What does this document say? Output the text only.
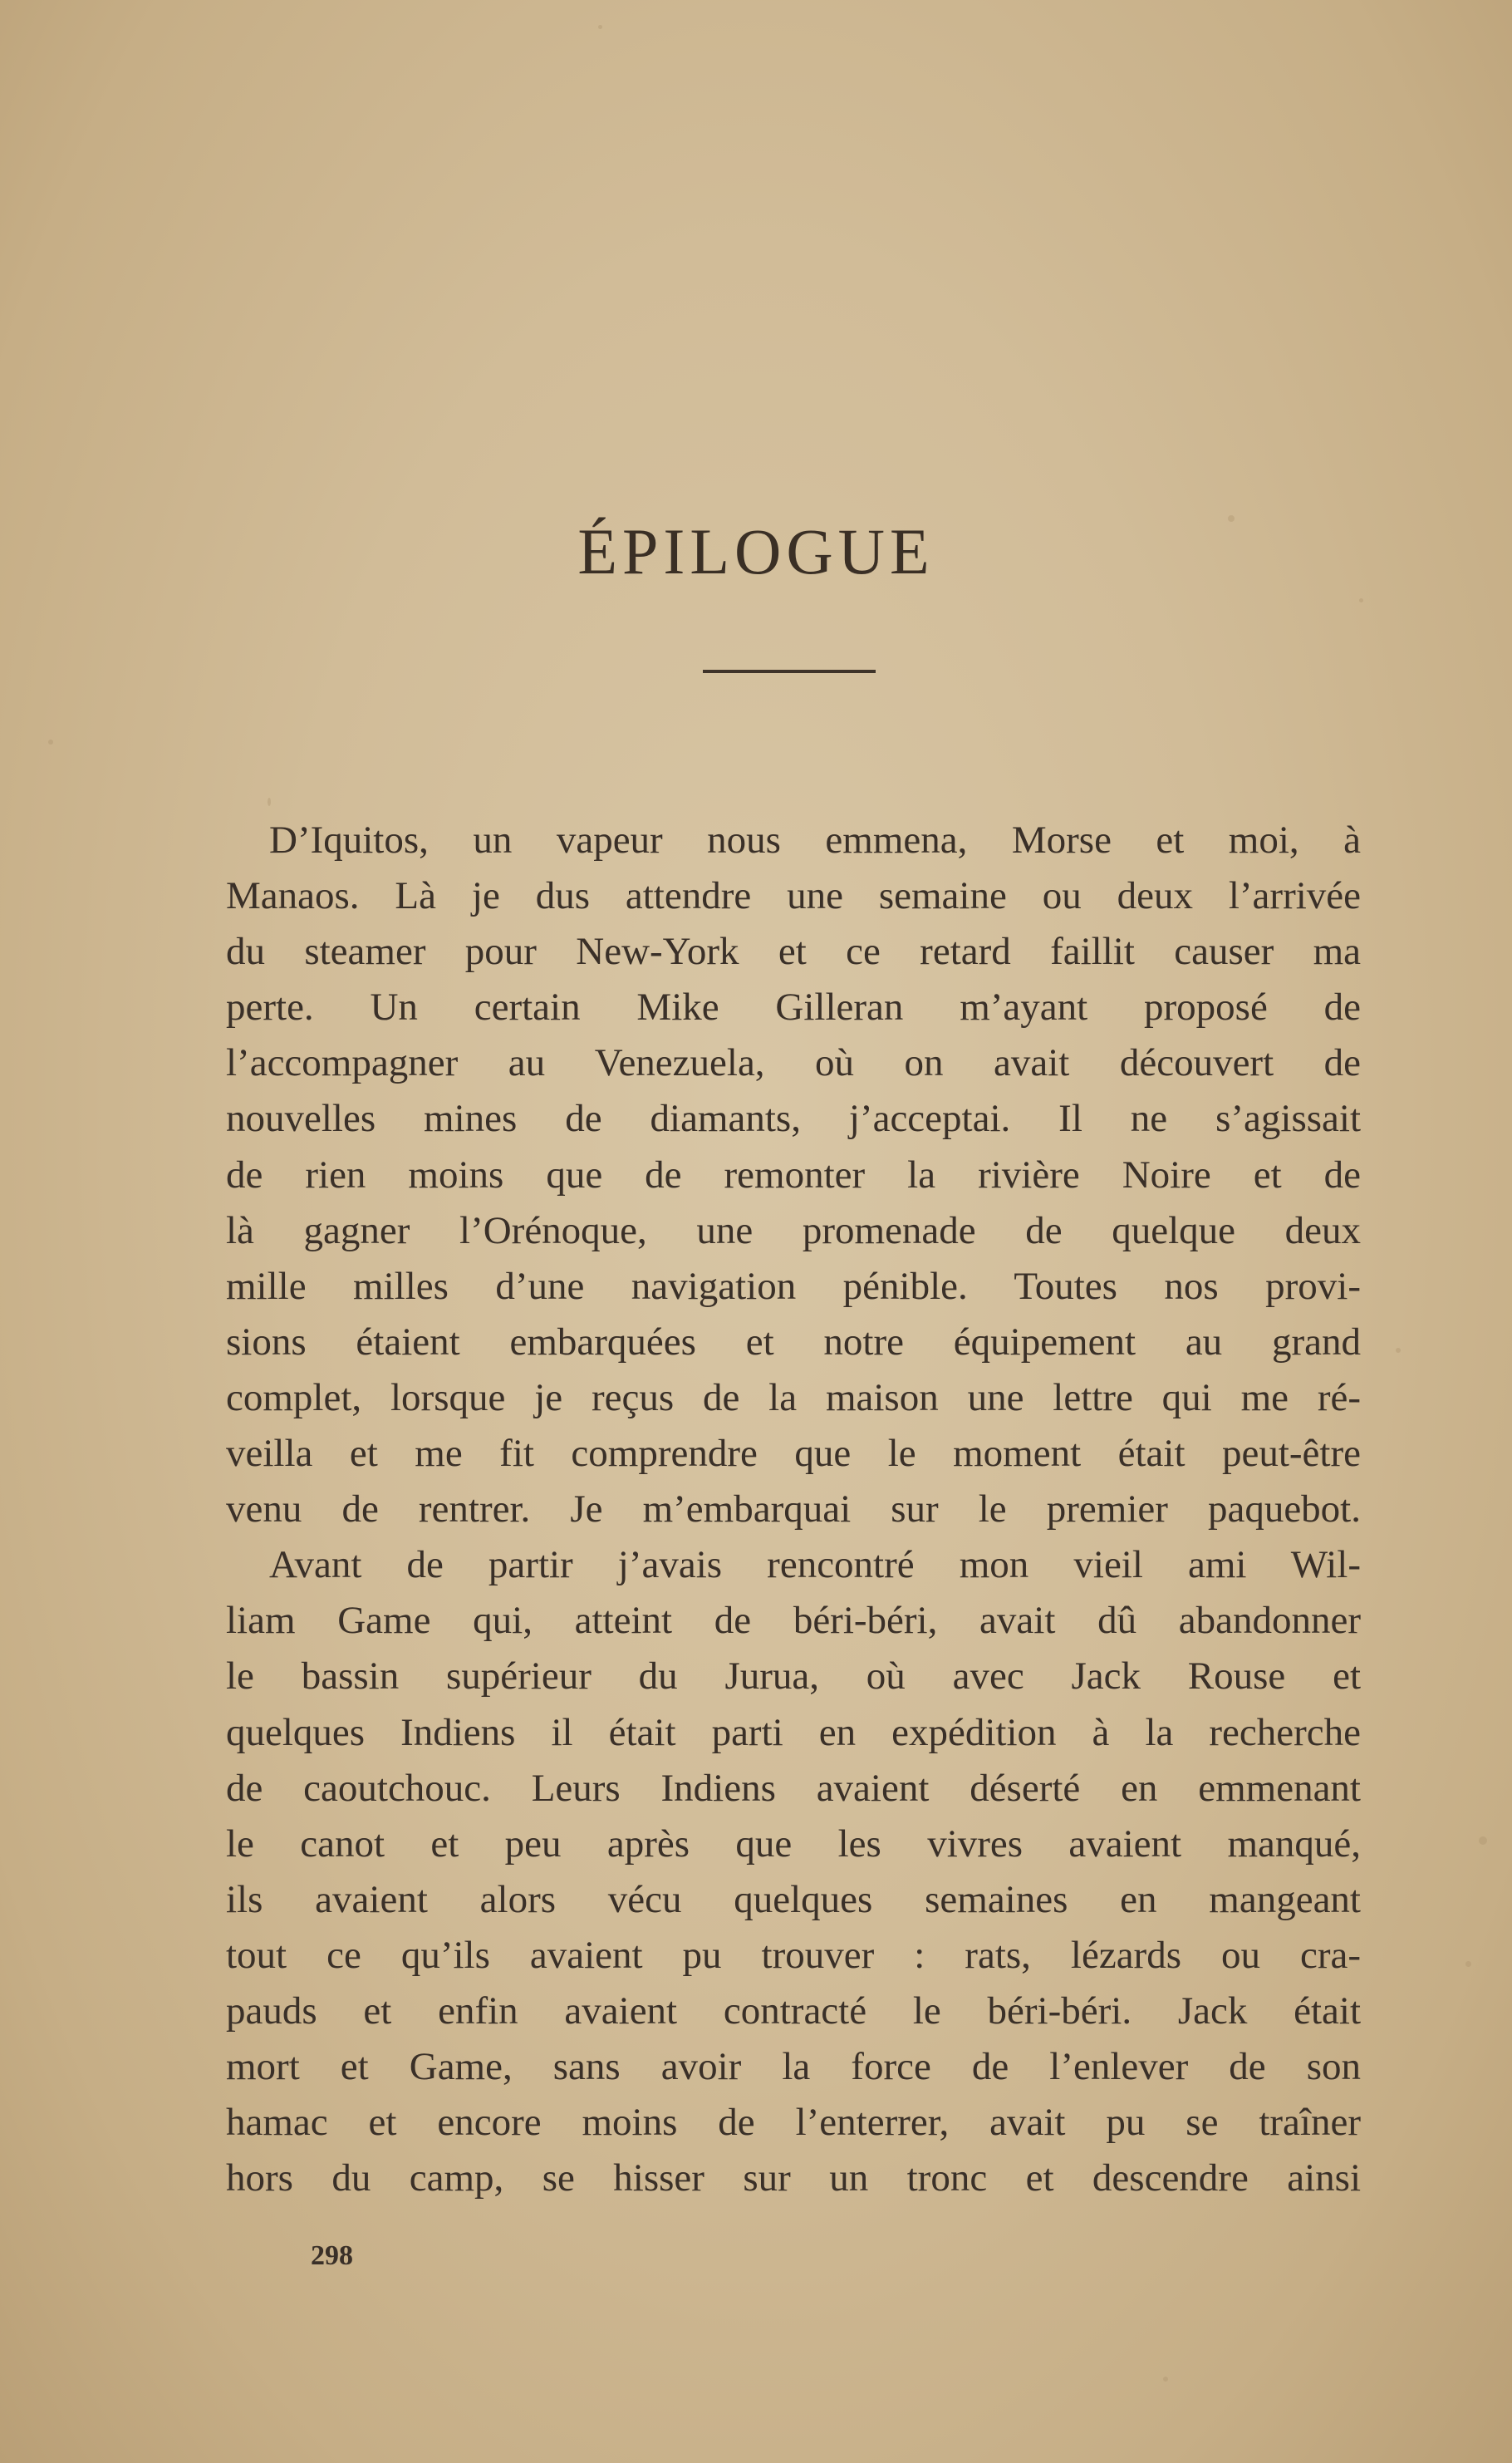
ÉPILOGUE
D’Iquitos, un vapeur nous emmena, Morse et moi, à
Manaos. Là je dus attendre une semaine ou deux l’arrivée
du steamer pour New-York et ce retard faillit causer ma
perte. Un certain Mike Gilleran m’ayant proposé de
l’accompagner au Venezuela, où on avait découvert de
nouvelles mines de diamants, j’acceptai. Il ne s’agissait
de rien moins que de remonter la rivière Noire et de
là gagner l’Orénoque, une promenade de quelque deux
mille milles d’une navigation pénible. Toutes nos provi-
sions étaient embarquées et notre équipement au grand
complet, lorsque je reçus de la maison une lettre qui me ré-
veilla et me fit comprendre que le moment était peut-être
venu de rentrer. Je m’embarquai sur le premier paquebot.
Avant de partir j’avais rencontré mon vieil ami Wil-
liam Game qui, atteint de béri-béri, avait dû abandonner
le bassin supérieur du Jurua, où avec Jack Rouse et
quelques Indiens il était parti en expédition à la recherche
de caoutchouc. Leurs Indiens avaient déserté en emmenant
le canot et peu après que les vivres avaient manqué,
ils avaient alors vécu quelques semaines en mangeant
tout ce qu’ils avaient pu trouver : rats, lézards ou cra-
pauds et enfin avaient contracté le béri-béri. Jack était
mort et Game, sans avoir la force de l’enlever de son
hamac et encore moins de l’enterrer, avait pu se traîner
hors du camp, se hisser sur un tronc et descendre ainsi
298
